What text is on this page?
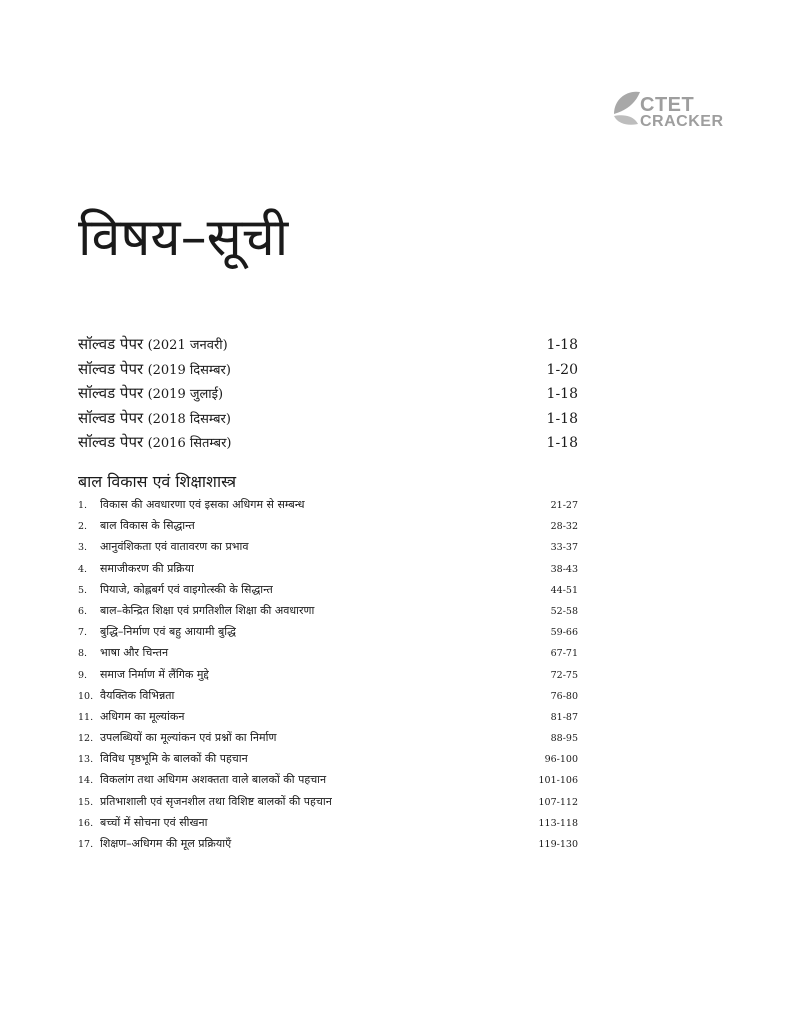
CTET
CRACKER
विषय–सूची
सॉल्वड पेपर (2021 जनवरी)	1-18
सॉल्वड पेपर (2019 दिसम्बर)	1-20
सॉल्वड पेपर (2019 जुलाई)	1-18
सॉल्वड पेपर (2018 दिसम्बर)	1-18
सॉल्वड पेपर (2016 सितम्बर)	1-18
बाल विकास एवं शिक्षाशास्त्र
1.	विकास की अवधारणा एवं इसका अधिगम से सम्बन्ध	21-27
2.	बाल विकास के सिद्धान्त	28-32
3.	आनुवंशिकता एवं वातावरण का प्रभाव	33-37
4.	समाजीकरण की प्रक्रिया	38-43
5.	पियाजे, कोह्लबर्ग एवं वाइगोत्स्की के सिद्धान्त	44-51
6.	बाल–केन्द्रित शिक्षा एवं प्रगतिशील शिक्षा की अवधारणा	52-58
7.	बुद्धि–निर्माण एवं बहु आयामी बुद्धि	59-66
8.	भाषा और चिन्तन	67-71
9.	समाज निर्माण में लैंगिक मुद्दे	72-75
10. वैयक्तिक विभिन्नता	76-80
11. अधिगम का मूल्यांकन	81-87
12. उपलब्धियों का मूल्यांकन एवं प्रश्नों का निर्माण	88-95
13. विविध पृष्ठभूमि के बालकों की पहचान	96-100
14. विकलांग तथा अधिगम अशक्तता वाले बालकों की पहचान	101-106
15. प्रतिभाशाली एवं सृजनशील तथा विशिष्ट बालकों की पहचान	107-112
16. बच्चों में सोचना एवं सीखना	113-118
17. शिक्षण–अधिगम की मूल प्रक्रियाएँ	119-130
